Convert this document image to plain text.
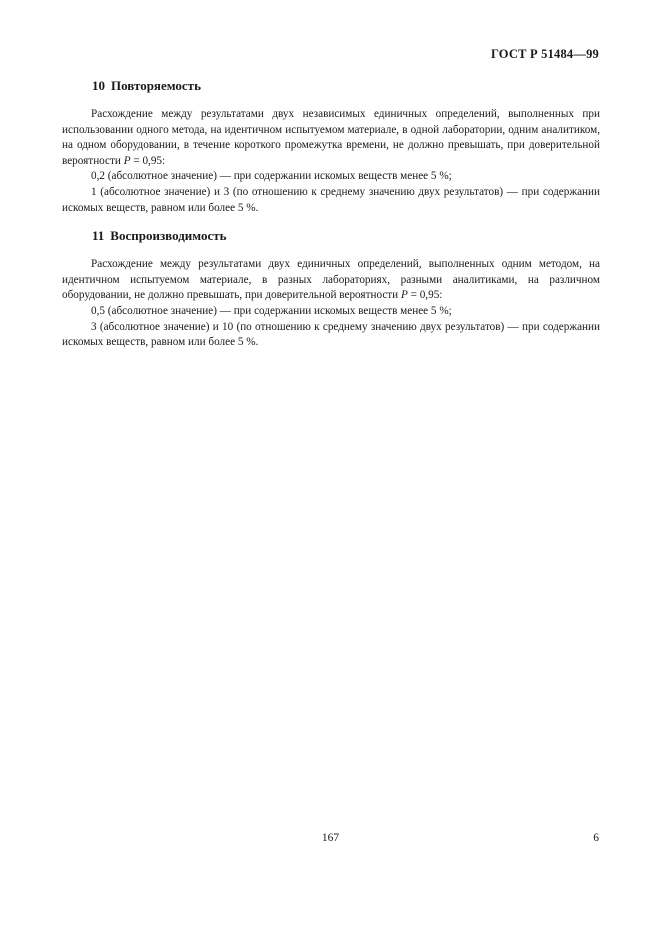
ГОСТ Р 51484—99
10 Повторяемость

Расхождение между результатами двух независимых единичных определений, выполненных при использовании одного метода, на идентичном испытуемом материале, в одной лаборатории, одним аналитиком, на одном оборудовании, в течение короткого промежутка времени, не должно превышать, при доверительной вероятности P = 0,95:

0,2 (абсолютное значение) — при содержании искомых веществ менее 5 %;

1 (абсолютное значение) и 3 (по отношению к среднему значению двух результатов) — при содержании искомых веществ, равном или более 5 %.

11 Воспроизводимость

Расхождение между результатами двух единичных определений, выполненных одним методом, на идентичном испытуемом материале, в разных лабораториях, разными аналитиками, на различном оборудовании, не должно превышать, при доверительной вероятности P = 0,95:

0,5 (абсолютное значение) — при содержании искомых веществ менее 5 %;

3 (абсолютное значение) и 10 (по отношению к среднему значению двух результатов) — при содержании искомых веществ, равном или более 5 %.

167	6
